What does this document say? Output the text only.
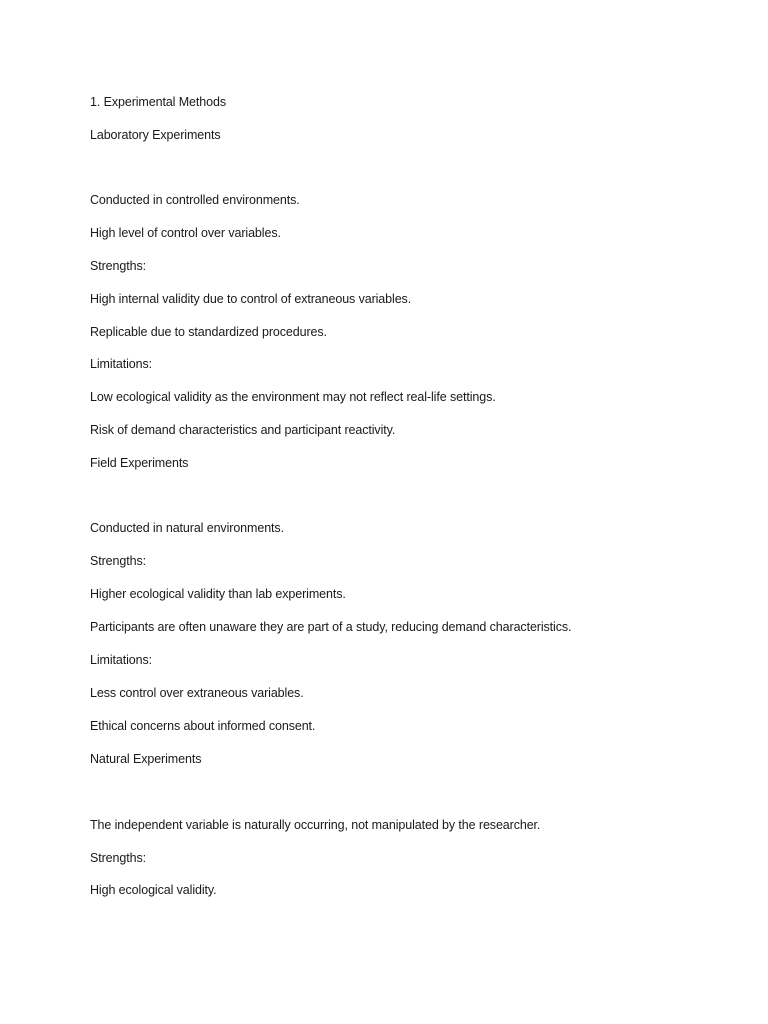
1. Experimental Methods
Laboratory Experiments
Conducted in controlled environments.
High level of control over variables.
Strengths:
High internal validity due to control of extraneous variables.
Replicable due to standardized procedures.
Limitations:
Low ecological validity as the environment may not reflect real-life settings.
Risk of demand characteristics and participant reactivity.
Field Experiments
Conducted in natural environments.
Strengths:
Higher ecological validity than lab experiments.
Participants are often unaware they are part of a study, reducing demand characteristics.
Limitations:
Less control over extraneous variables.
Ethical concerns about informed consent.
Natural Experiments
The independent variable is naturally occurring, not manipulated by the researcher.
Strengths:
High ecological validity.
